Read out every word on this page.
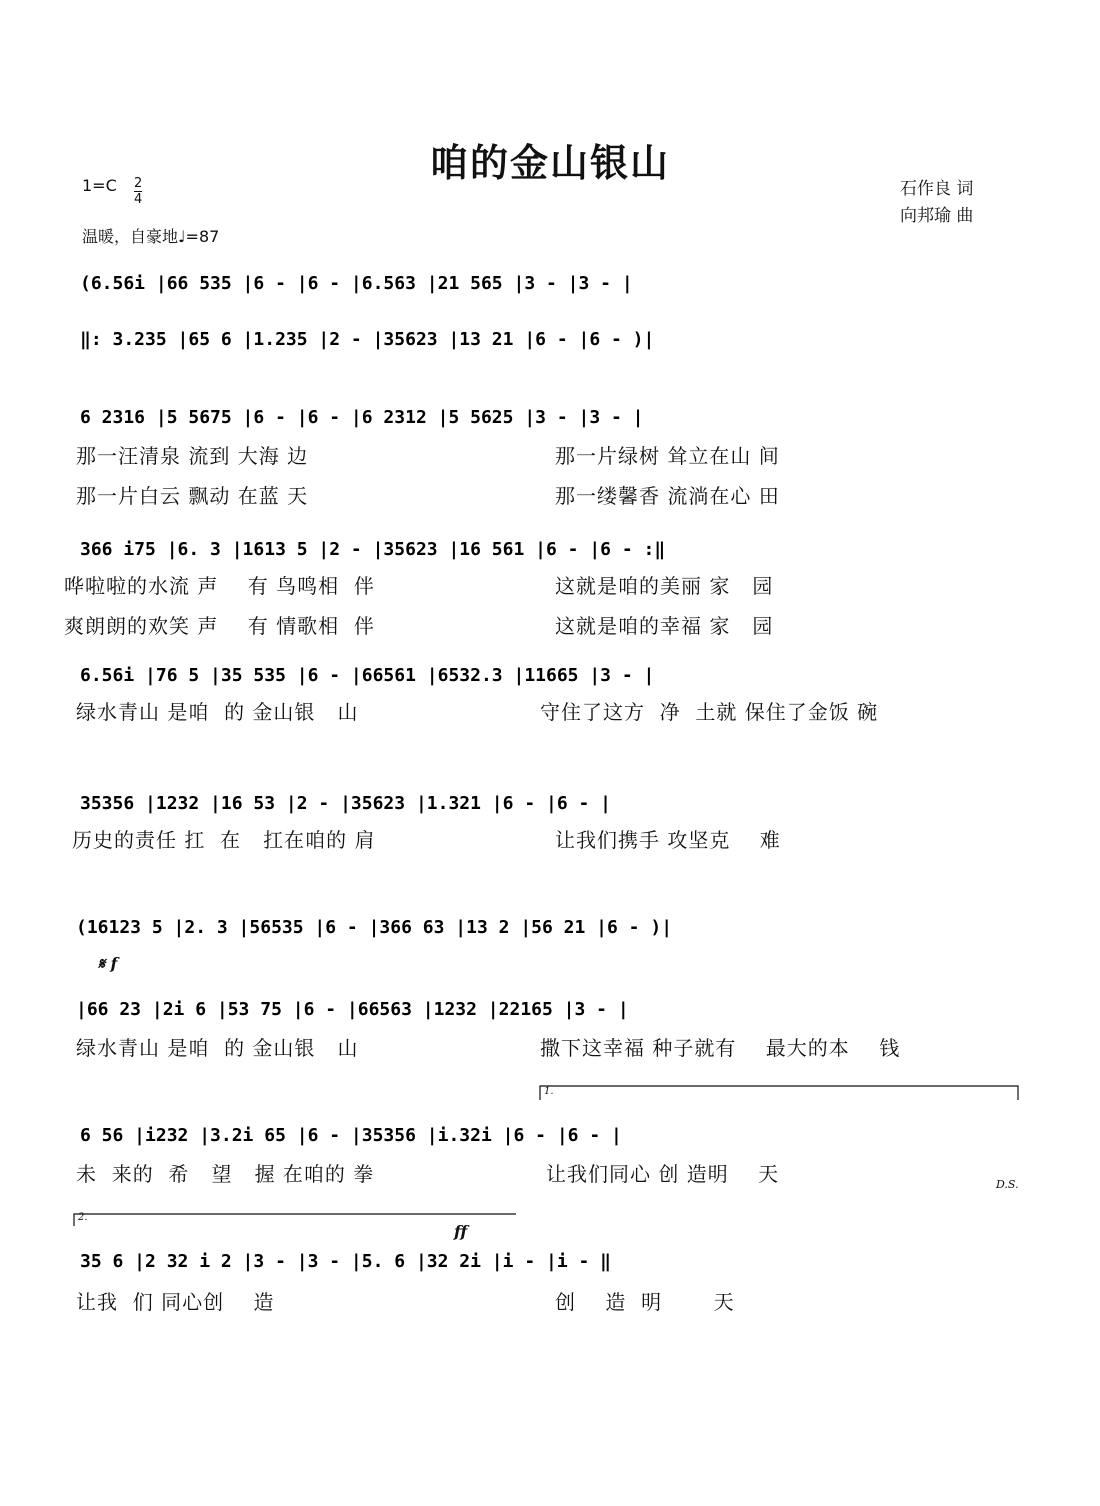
咱的金山银山
1=C 2
4
温暖，自豪地♩=87
石作良 词
向邦瑜 曲
(6.56i |66 535 |6 - |6 - |6.563 |21 565 |3 - |3 - |
‖: 3.235 |65 6 |1.235 |2 - |35623 |13 21 |6 - |6 - )|
6 2316 |5 5675 |6 - |6 - |6 2312 |5 5625 |3 - |3 - |
那一汪清泉 流到 大海 边	那一片绿树 耸立在山 间
那一片白云 飘动 在蓝 天	那一缕馨香 流淌在心 田
366 i75 |6. 3 |1613 5 |2 - |35623 |16 561 |6 - |6 - :‖
哗啦啦的水流 声    有 鸟鸣相  伴	这就是咱的美丽 家   园
爽朗朗的欢笑 声    有 情歌相  伴	这就是咱的幸福 家   园
6.56i |76 5 |35 535 |6 - |66561 |6532.3 |11665 |3 - |
绿水青山 是咱  的 金山银   山	守住了这方  净  土就 保住了金饭 碗
35356 |1232 |16 53 |2 - |35623 |1.321 |6 - |6 - |
历史的责任 扛  在   扛在咱的 肩	让我们携手 攻坚克    难
(16123 5 |2. 3 |56535 |6 - |366 63 |13 2 |56 21 |6 - )|
𝄋 f
|66 23 |2i 6 |53 75 |6 - |66563 |1232 |22165 |3 - |
绿水青山 是咱  的 金山银   山	撒下这幸福 种子就有    最大的本    钱
1.
6 56 |i232 |3.2i 65 |6 - |35356 |i.32i |6 - |6 - |
未  来的  希   望   握 在咱的 拳	让我们同心 创 造明    天	D.S.
2.
ff
35 6 |2 32 i 2 |3 - |3 - |5. 6 |32 2i |i - |i - ‖
让我  们 同心创    造	创    造  明       天
